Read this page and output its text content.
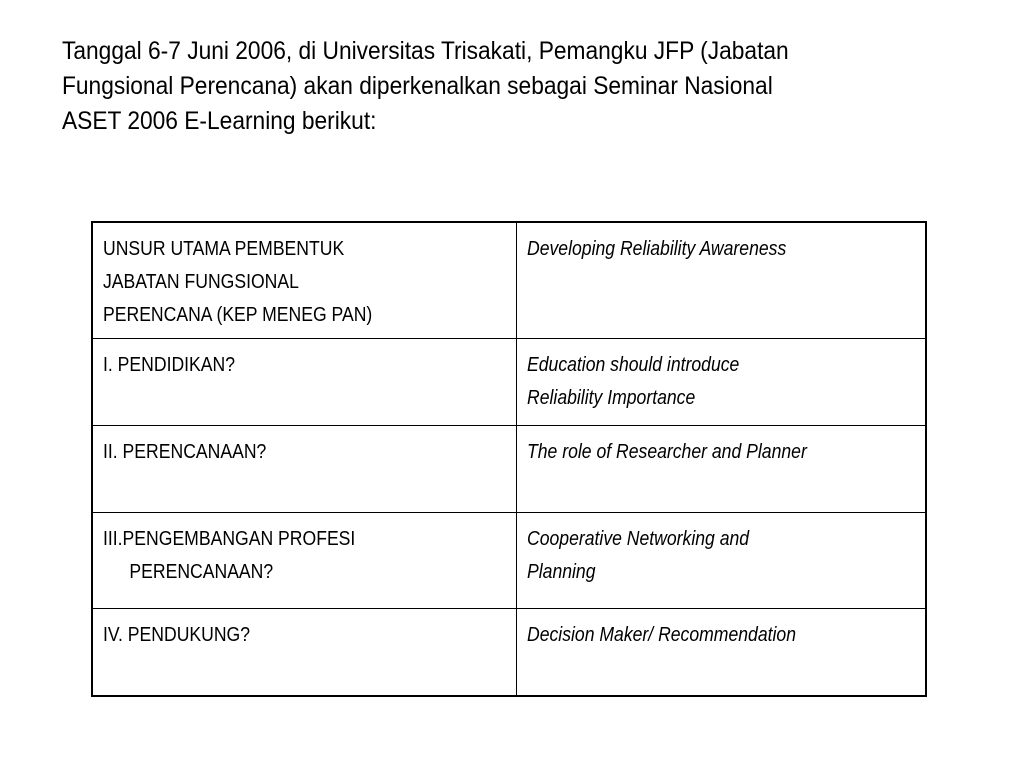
Tanggal 6-7 Juni 2006, di Universitas Trisakati, Pemangku JFP (Jabatan
Fungsional Perencana) akan diperkenalkan sebagai Seminar Nasional
ASET 2006 E-Learning berikut:

UNSUR UTAMA PEMBENTUK
JABATAN FUNGSIONAL
PERENCANA (KEP MENEG PAN)	Developing Reliability Awareness

I. PENDIDIKAN?	Education should introduce
Reliability Importance

II. PERENCANAAN?	The role of Researcher and Planner

III.PENGEMBANGAN PROFESI
PERENCANAAN?	Cooperative Networking and
Planning

IV. PENDUKUNG?	Decision Maker/ Recommendation
